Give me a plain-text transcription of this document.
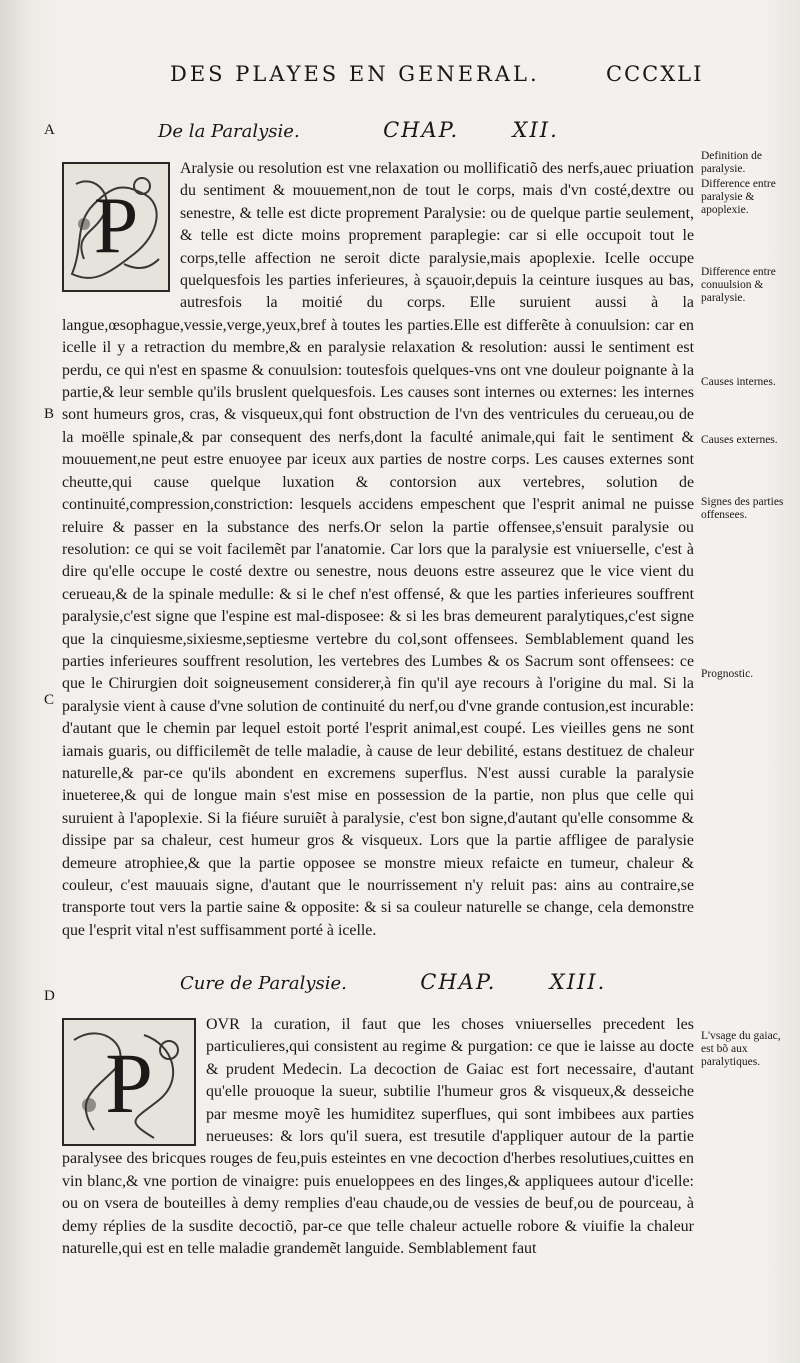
DES PLAYES EN GENERAL.	CCCXLI
A
B
C
D
De la Paralysie.	CHAP.	XII.
P
Aralysie ou resolution est vne relaxation ou mollificatiõ des nerfs,auec priuation du sentiment & mouuement,non de tout le corps, mais d'vn costé,dextre ou senestre, & telle est dicte proprement Paralysie: ou de quelque partie seulement, & telle est dicte moins proprement paraplegie: car si elle occupoit tout le corps,telle affection ne seroit dicte paralysie,mais apoplexie. Icelle occupe quelquesfois les parties inferieures, à sçauoir,depuis la ceinture iusques au bas, autresfois la moitié du corps. Elle suruient aussi à la langue,œsophague,vessie,verge,yeux,bref à toutes les parties.Elle est differẽte à conuulsion: car en icelle il y a retraction du membre,& en paralysie relaxation & resolution: aussi le sentiment est perdu, ce qui n'est en spasme & conuulsion: toutesfois quelques-vns ont vne douleur poignante à la partie,& leur semble qu'ils bruslent quelquesfois. Les causes sont internes ou externes: les internes sont humeurs gros, cras, & visqueux,qui font obstruction de l'vn des ventricules du cerueau,ou de la moëlle spinale,& par consequent des nerfs,dont la faculté animale,qui fait le sentiment & mouuement,ne peut estre enuoyee par iceux aux parties de nostre corps. Les causes externes sont cheutte,qui cause quelque luxation & contorsion aux vertebres, solution de continuité,compression,constriction: lesquels accidens empeschent que l'esprit animal ne puisse reluire & passer en la substance des nerfs.Or selon la partie offensee,s'ensuit paralysie ou resolution: ce qui se voit facilemẽt par l'anatomie. Car lors que la paralysie est vniuerselle, c'est à dire qu'elle occupe le costé dextre ou senestre, nous deuons estre asseurez que le vice vient du cerueau,& de la spinale medulle: & si le chef n'est offensé, & que les parties inferieures souffrent paralysie,c'est signe que l'espine est mal-disposee: & si les bras demeurent paralytiques,c'est signe que la cinquiesme,sixiesme,septiesme vertebre du col,sont offensees. Semblablement quand les parties inferieures souffrent resolution, les vertebres des Lumbes & os Sacrum sont offensees: ce que le Chirurgien doit soigneusement considerer,à fin qu'il aye recours à l'origine du mal. Si la paralysie vient à cause d'vne solution de continuité du nerf,ou d'vne grande contusion,est incurable: d'autant que le chemin par lequel estoit porté l'esprit animal,est coupé. Les vieilles gens ne sont iamais guaris, ou difficilemẽt de telle maladie, à cause de leur debilité, estans destituez de chaleur naturelle,& par-ce qu'ils abondent en excremens superflus. N'est aussi curable la paralysie inueteree,& qui de longue main s'est mise en possession de la partie, non plus que celle qui suruient à l'apoplexie. Si la fiéure suruiẽt à paralysie, c'est bon signe,d'autant qu'elle consomme & dissipe par sa chaleur, cest humeur gros & visqueux. Lors que la partie affligee de paralysie demeure atrophiee,& que la partie opposee se monstre mieux refaicte en tumeur, chaleur & couleur, c'est mauuais signe, d'autant que le nourrissement n'y reluit pas: ains au contraire,se transporte tout vers la partie saine & opposite: & si sa couleur naturelle se change, cela demonstre que l'esprit vital n'est suffisamment porté à icelle.
Cure de Paralysie.	CHAP.	XIII.
P
OVR la curation, il faut que les choses vniuerselles precedent les particulieres,qui consistent au regime & purgation: ce que ie laisse au docte & prudent Medecin. La decoction de Gaiac est fort necessaire, d'autant qu'elle prouoque la sueur, subtilie l'humeur gros & visqueux,& desseiche par mesme moyẽ les humiditez superflues, qui sont imbibees aux parties nerueuses: & lors qu'il suera, est tresutile d'appliquer autour de la partie paralysee des bricques rouges de feu,puis esteintes en vne decoction d'herbes resolutiues,cuittes en vin blanc,& vne portion de vinaigre: puis enueloppees en des linges,& appliquees autour d'icelle: ou on vsera de bouteilles à demy remplies d'eau chaude,ou de vessies de beuf,ou de pourceau, à demy réplies de la susdite decoctiõ, par-ce que telle chaleur actuelle robore & viuifie la chaleur naturelle,qui est en telle maladie grandemẽt languide. Semblablement faut
Definition de paralysie.
Difference entre paralysie & apoplexie.
Difference entre conuulsion & paralysie.
Causes internes.
Causes externes.
Signes des parties offensees.
Prognostic.
L'vsage du gaiac, est bõ aux paralytiques.
